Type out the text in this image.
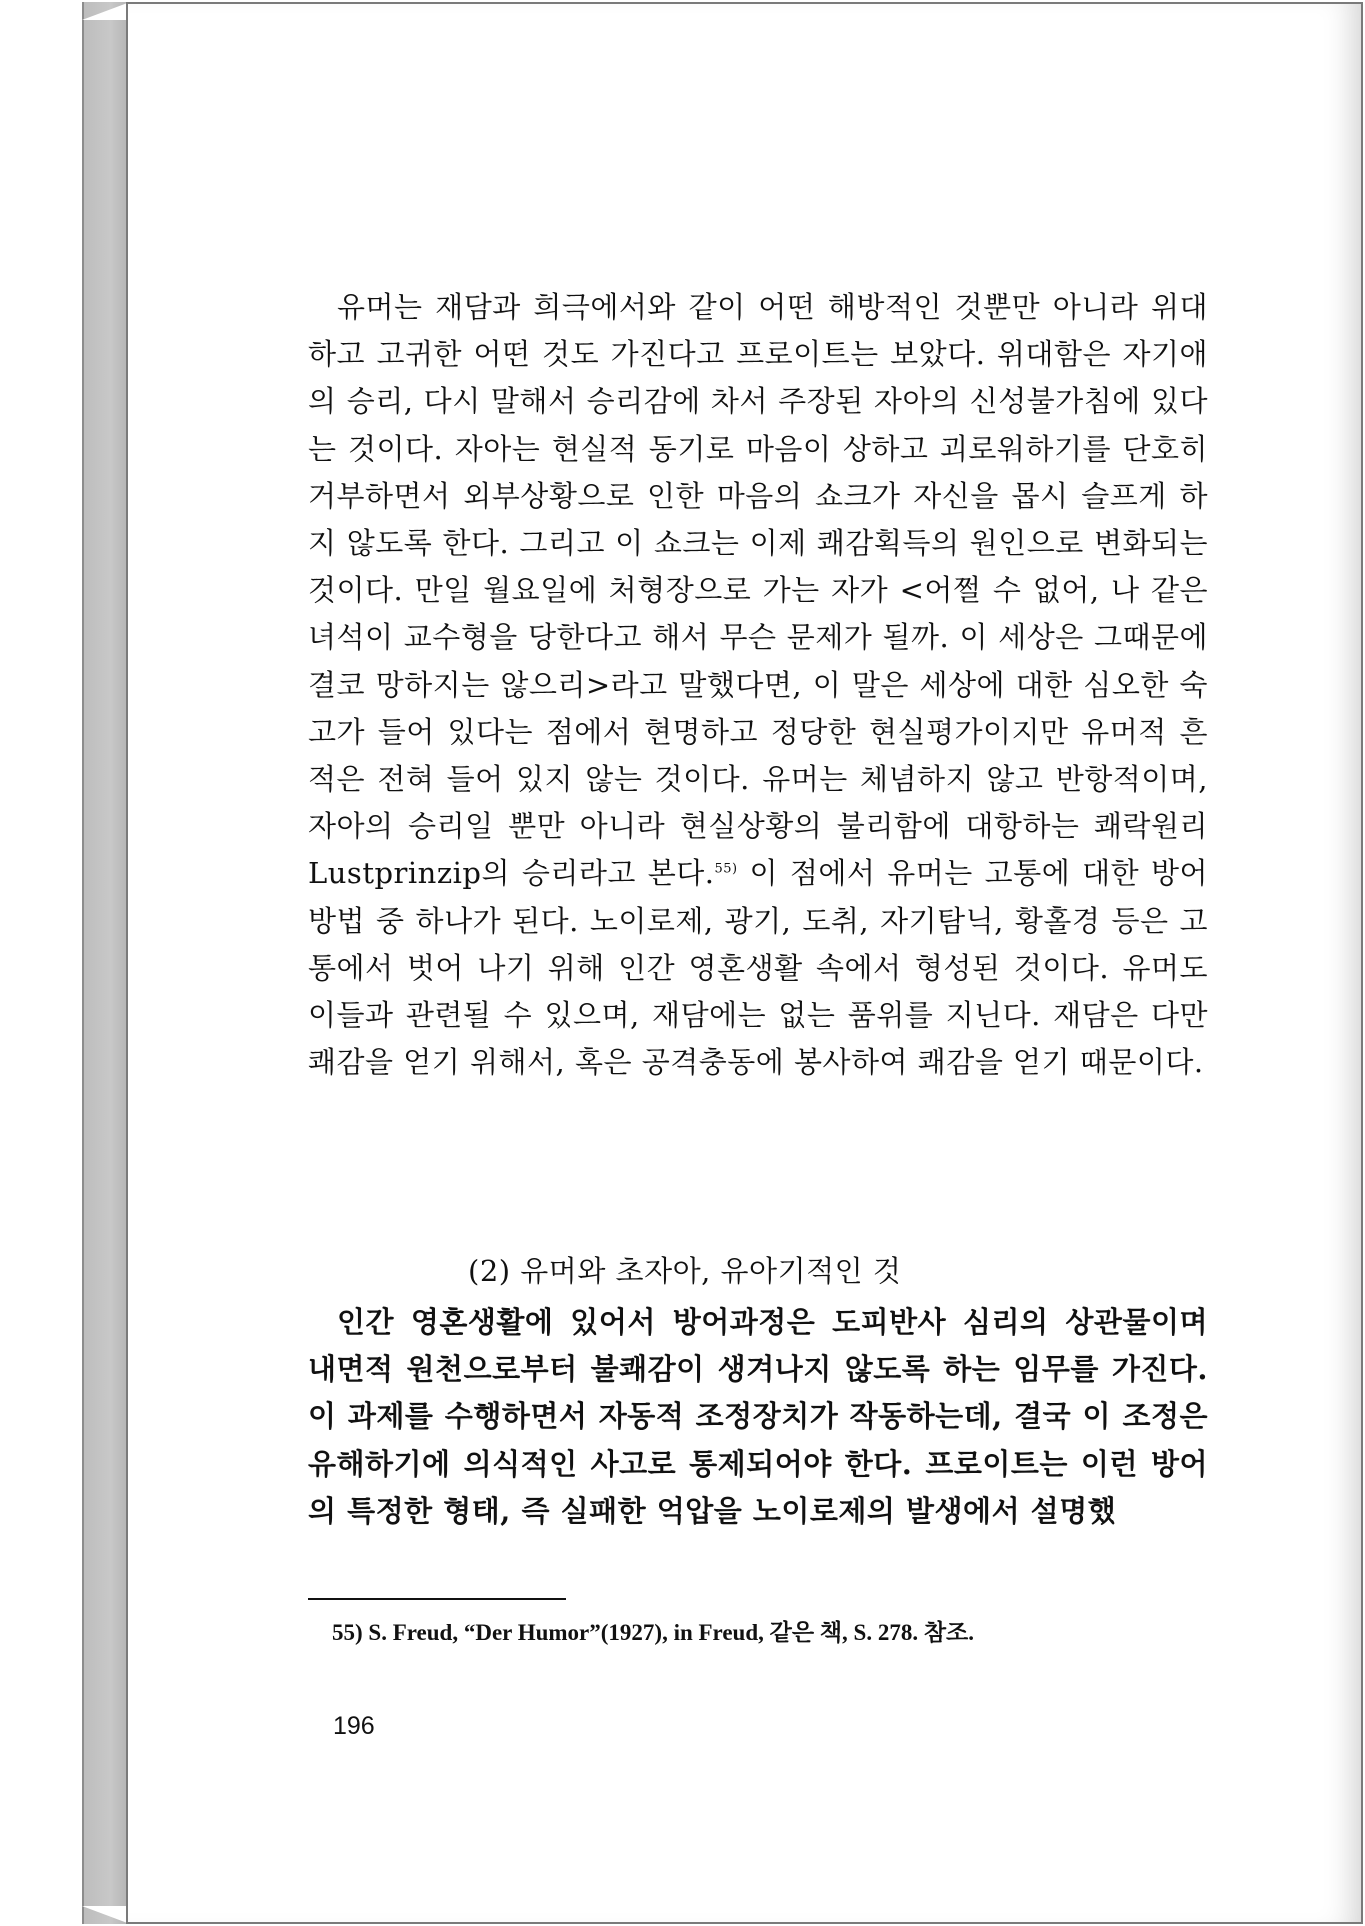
유머는 재담과 희극에서와 같이 어떤 해방적인 것뿐만 아니라 위대하고 고귀한 어떤 것도 가진다고 프로이트는 보았다. 위대함은 자기애의 승리, 다시 말해서 승리감에 차서 주장된 자아의 신성불가침에 있다는 것이다. 자아는 현실적 동기로 마음이 상하고 괴로워하기를 단호히 거부하면서 외부상황으로 인한 마음의 쇼크가 자신을 몹시 슬프게 하지 않도록 한다. 그리고 이 쇼크는 이제 쾌감획득의 원인으로 변화되는 것이다. 만일 월요일에 처형장으로 가는 자가 <어쩔 수 없어, 나 같은 녀석이 교수형을 당한다고 해서 무슨 문제가 될까. 이 세상은 그때문에 결코 망하지는 않으리>라고 말했다면, 이 말은 세상에 대한 심오한 숙고가 들어 있다는 점에서 현명하고 정당한 현실평가이지만 유머적 흔적은 전혀 들어 있지 않는 것이다. 유머는 체념하지 않고 반항적이며, 자아의 승리일 뿐만 아니라 현실상황의 불리함에 대항하는 쾌락원리 Lustprinzip의 승리라고 본다.$^{55)}$ 이 점에서 유머는 고통에 대한 방어방법 중 하나가 된다. 노이로제, 광기, 도취, 자기탐닉, 황홀경 등은 고통에서 벗어 나기 위해 인간 영혼생활 속에서 형성된 것이다. 유머도 이들과 관련될 수 있으며, 재담에는 없는 품위를 지닌다. 재담은 다만 쾌감을 얻기 위해서, 혹은 공격충동에 봉사하여 쾌감을 얻기 때문이다.

(2) 유머와 초자아, 유아기적인 것

인간 영혼생활에 있어서 방어과정은 도피반사 심리의 상관물이며 내면적 원천으로부터 불쾌감이 생겨나지 않도록 하는 임무를 가진다. 이 과제를 수행하면서 자동적 조정장치가 작동하는데, 결국 이 조정은 유해하기에 의식적인 사고로 통제되어야 한다. 프로이트는 이런 방어의 특정한 형태, 즉 실패한 억압을 노이로제의 발생에서 설명했

55) S. Freud, “Der Humor”(1927), in Freud, 같은 책, S. 278. 참조.

196
